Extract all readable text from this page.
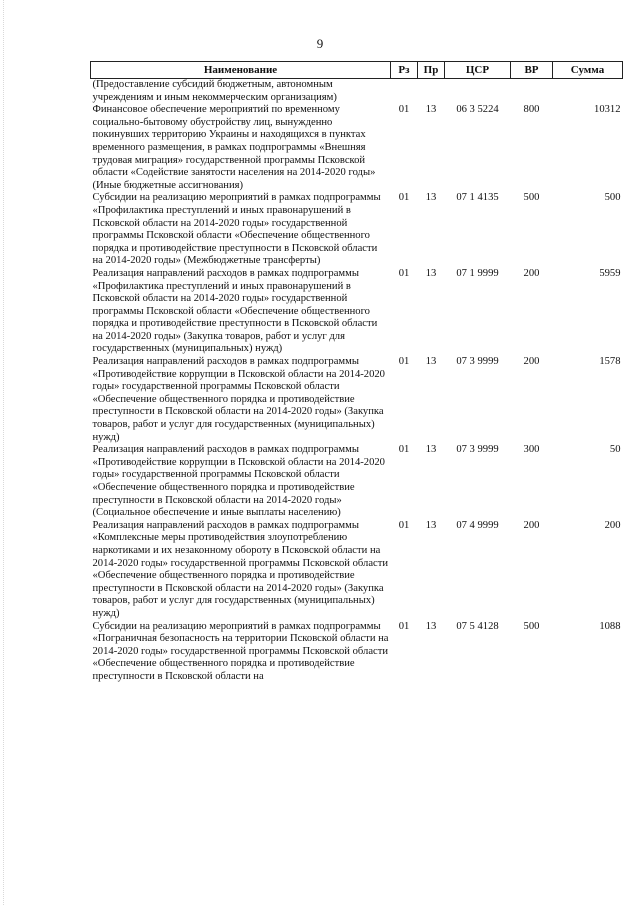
9
Наименование	Рз	Пр	ЦСР	ВР	Сумма
(Предоставление субсидий бюджетным, автономным учреждениям и иным некоммерческим организациям)					
Финансовое обеспечение мероприятий по временному социально-бытовому обустройству лиц, вынужденно покинувших территорию Украины и находящихся в пунктах временного размещения, в рамках подпрограммы «Внешняя трудовая миграция» государственной программы Псковской области «Содействие занятости населения на 2014-2020 годы» (Иные бюджетные ассигнования)	01	13	06 3 5224	800	10312
Субсидии на реализацию мероприятий в рамках подпрограммы «Профилактика преступлений и иных правонарушений в Псковской области на 2014-2020 годы» государственной программы Псковской области «Обеспечение общественного порядка и противодействие преступности в Псковской области на 2014-2020 годы» (Межбюджетные трансферты)	01	13	07 1 4135	500	500
Реализация направлений расходов в рамках подпрограммы «Профилактика преступлений и иных правонарушений в Псковской области на 2014-2020 годы» государственной программы Псковской области «Обеспечение общественного порядка и противодействие преступности в Псковской области на 2014-2020 годы» (Закупка товаров, работ и услуг для государственных (муниципальных) нужд)	01	13	07 1 9999	200	5959
Реализация направлений расходов в рамках подпрограммы «Противодействие коррупции в Псковской области на 2014-2020 годы» государственной программы Псковской области «Обеспечение общественного порядка и противодействие преступности в Псковской области на 2014-2020 годы» (Закупка товаров, работ и услуг для государственных (муниципальных) нужд)	01	13	07 3 9999	200	1578
Реализация направлений расходов в рамках подпрограммы «Противодействие коррупции в Псковской области на 2014-2020 годы» государственной программы Псковской области «Обеспечение общественного порядка и противодействие преступности в Псковской области на 2014-2020 годы» (Социальное обеспечение и иные выплаты населению)	01	13	07 3 9999	300	50
Реализация направлений расходов в рамках подпрограммы «Комплексные меры противодействия злоупотреблению наркотиками и их незаконному обороту в Псковской области на 2014-2020 годы» государственной программы Псковской области «Обеспечение общественного порядка и противодействие преступности в Псковской области на 2014-2020 годы» (Закупка товаров, работ и услуг для государственных (муниципальных) нужд)	01	13	07 4 9999	200	200
Субсидии на реализацию мероприятий в рамках подпрограммы «Пограничная безопасность на территории Псковской области на 2014-2020 годы» государственной программы Псковской области «Обеспечение общественного порядка и противодействие преступности в Псковской области на	01	13	07 5 4128	500	1088
